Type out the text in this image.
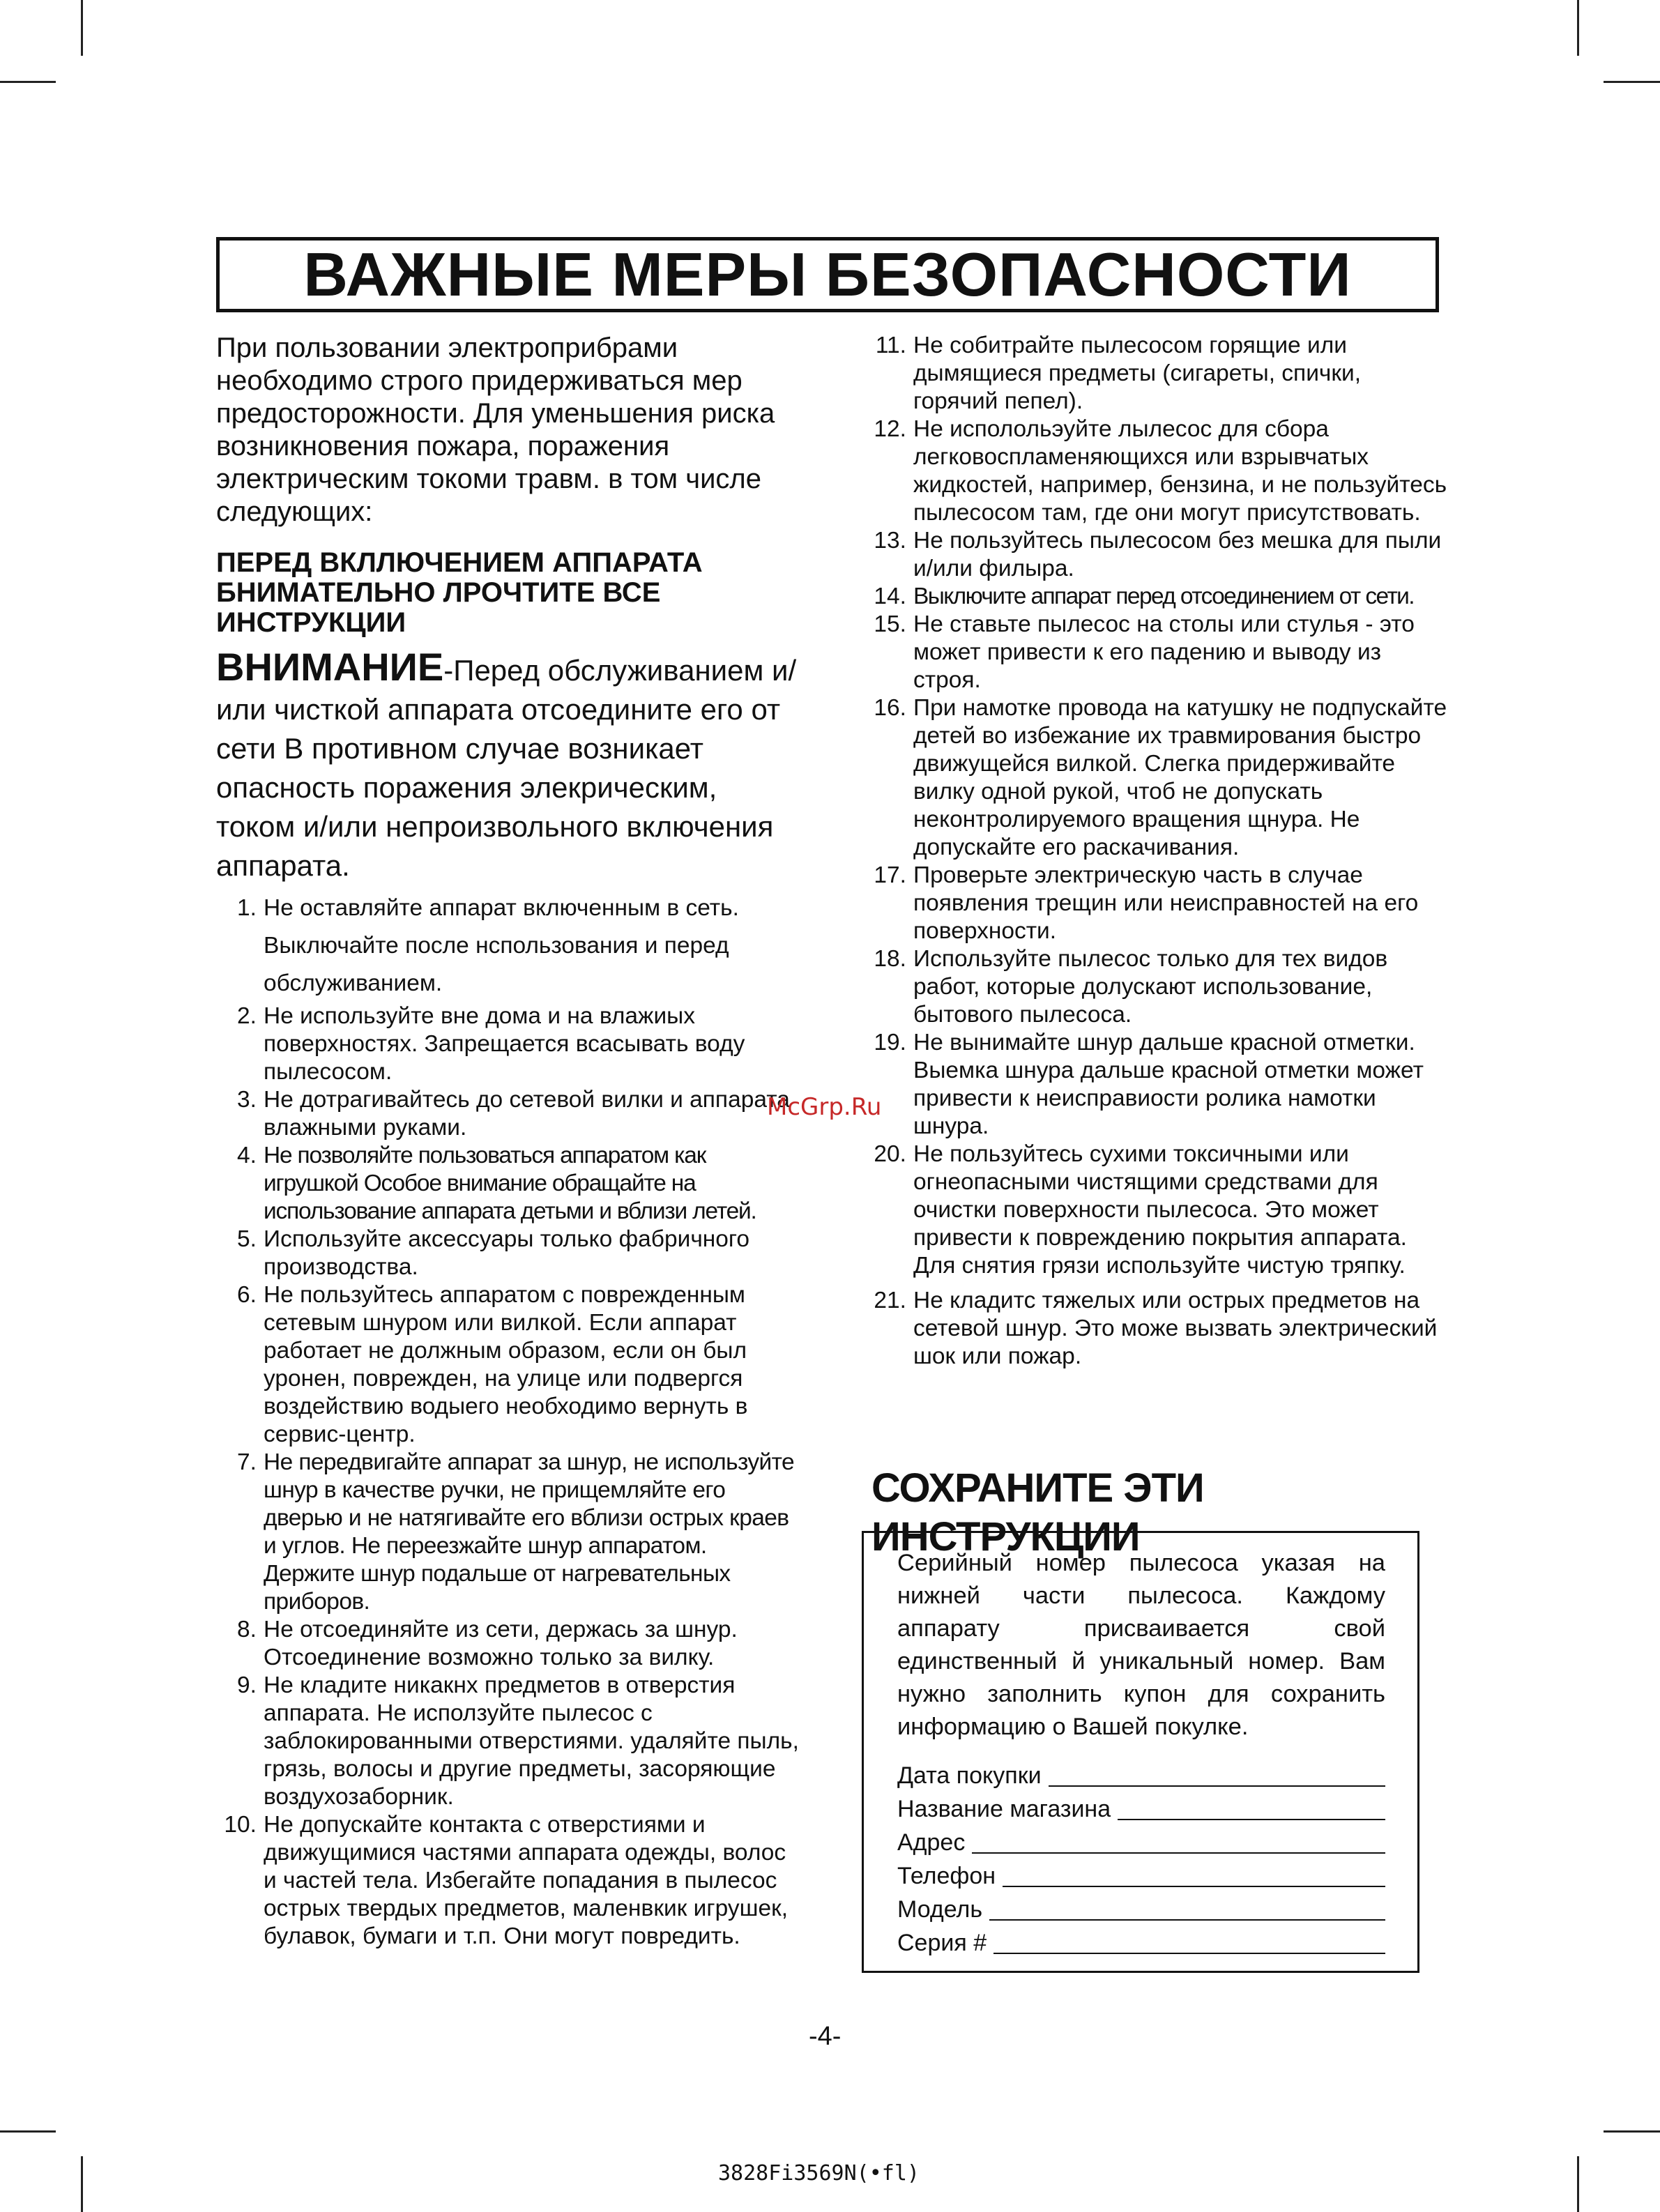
ВАЖНЫЕ МЕРЫ БЕЗОПАСНОСТИ

При пользовании электроприбрами необходимо строго придерживаться мер предосторожности. Для уменьшения риска возникновения пожара, поражения электрическим токоми травм. в том числе следующих:

ПЕРЕД ВКЛЛЮЧЕНИЕМ АППАРАТА БНИМАТЕЛЬНО ЛРОЧТИТЕ ВСЕ ИНСТРУКЦИИ

ВНИМАНИЕ-Перед обслуживанием и/или чисткой аппарата отсоедините его от сети В противном случае возникает опасность поражения элекрическим, током и/или непроизвольного включения аппарата.

1. Не оставляйте аппарат включенным в сеть. Выключайте после нспользования и перед обслуживанием.
2. Не используйте вне дома и на влажиых поверхностях. Запрещается всасывать воду пылесосом.
3. Не дотрагивайтесь до сетевой вилки и аппарата влажными руками.
4. Не позволяйте пользоваться аппаратом как игрушкой Особое внимание обращайте на использование аппарата детьми и вблизи летей.
5. Используйте аксессуары только фабричного производства.
6. Не пользуйтесь аппаратом с поврежденным сетевым шнуром или вилкой. Если аппарат работает не должным образом, если он был уронен, поврежден, на улице или подвергся воздействию водыего необходимо вернуть в сервис-центр.
7. Не передвигайте аппарат за шнур, не используйте шнур в качестве ручки, не прищемляйте его дверью и не натягивайте его вблизи острых краев и углов. Не переезжайте шнур аппаратом. Держите шнур подальше от нагревательных приборов.
8. Не отсоединяйте из сети, держась за шнур. Отсоединение возможно только за вилку.
9. Не кладите никакнх предметов в отверстия аппарата. Не исползуйте пылесос с заблокированными отверстиями. удаляйте пыль, грязь, волосы и другие предметы, засоряющие воздухозаборник.
10. Не допускайте контакта с отверстиями и движущимися частями аппарата одежды, волос и частей тела. Избегайте попадания в пылесос острых твердых предметов, маленвкик игрушек, булавок, бумаги и т.п. Они могут повредить.
11. Не собитрайте пылесосом горящие или дымящиеся предметы (сигареты, спички, горячий пепел).
12. Не исполольэуйте лылесос для сбора легковоспламеняющихся или взрывчатых жидкостей, например, бензина, и не пользуйтесь пылесосом там, где они могут присутствовать.
13. Не пользуйтесь пылесосом без мешка для пыли и/или филыра.
14. Выключите аппарат перед отсоединением от сети.
15. Не ставьте пылесос на столы или стулья - это может привести к его падению и выводу из строя.
16. При намотке провода на катушку не подпускайте детей во избежание их травмирования быстро движущейся вилкой. Слегка придерживайте вилку одной рукой, чтоб не допускать неконтролируемого вращения щнура. Не допускайте его раскачивания.
17. Проверьте электрическую часть в случае появления трещин или неисправностей на его поверхности.
18. Используйте пылесос только для тех видов работ, которые долускают использование, бытового пылесоса.
19. Не вынимайте шнур дальше красной отметки. Выемка шнура дальше красной отметки может привести к неисправиости ролика намотки шнура.
20. Не пользуйтесь сухими токсичными или огнеопасными чистящими средствами для очистки поверхности пылесоса. Это может привести к повреждению покрытия аппарата. Для снятия грязи используйте чистую тряпку.
21. Не кладитс тяжелых или острых предметов на сетевой шнур. Это може вызвать электрический шок или пожар.
СОХРАНИТЕ ЭТИ ИНСТРУКЦИИ

Серийный номер пылесоса указая на нижней части пылесоса. Каждому аппарату присваивается свой единственный й уникальный номер. Вам нужно заполнить купон для сохранить информацию о Вашей покулке.

Дата покупки
Название магазина
Адрес
Телефон
Модель
Серия #
McGrp.Ru
-4-
3828Fi3569N(•fl)
